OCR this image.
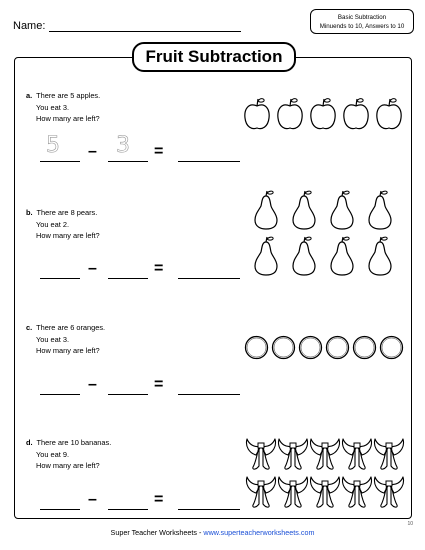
Name:
Basic Subtraction
Minuends to 10, Answers to 10
Fruit Subtraction
a. There are 5 apples.
You eat 3.
How many are left?
5 – 3 =
b. There are 8 pears.
You eat 2.
How many are left?
–	=
c. There are 6 oranges.
You eat 3.
How many are left?
–	=
d. There are 10 bananas.
You eat 9.
How many are left?
–	=
Super Teacher Worksheets - www.superteacherworksheets.com
10
